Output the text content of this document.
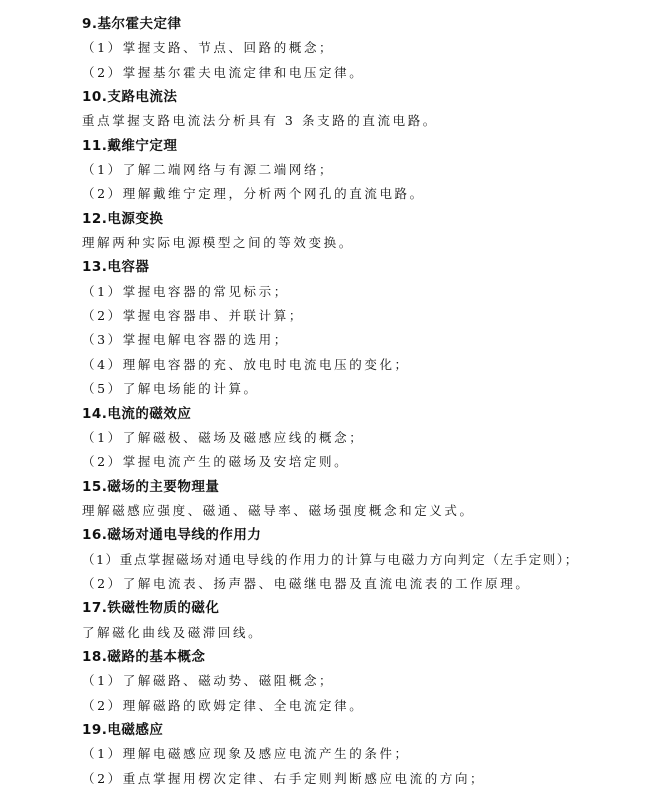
9.基尔霍夫定律
（1）掌握支路、节点、回路的概念；
（2）掌握基尔霍夫电流定律和电压定律。
10.支路电流法
重点掌握支路电流法分析具有 3 条支路的直流电路。
11.戴维宁定理
（1）了解二端网络与有源二端网络；
（2）理解戴维宁定理，分析两个网孔的直流电路。
12.电源变换
理解两种实际电源模型之间的等效变换。
13.电容器
（1）掌握电容器的常见标示；
（2）掌握电容器串、并联计算；
（3）掌握电解电容器的选用；
（4）理解电容器的充、放电时电流电压的变化；
（5）了解电场能的计算。
14.电流的磁效应
（1）了解磁极、磁场及磁感应线的概念；
（2）掌握电流产生的磁场及安培定则。
15.磁场的主要物理量
理解磁感应强度、磁通、磁导率、磁场强度概念和定义式。
16.磁场对通电导线的作用力
（1）重点掌握磁场对通电导线的作用力的计算与电磁力方向判定（左手定则）；
（2）了解电流表、扬声器、电磁继电器及直流电流表的工作原理。
17.铁磁性物质的磁化
了解磁化曲线及磁滞回线。
18.磁路的基本概念
（1）了解磁路、磁动势、磁阻概念；
（2）理解磁路的欧姆定律、全电流定律。
19.电磁感应
（1）理解电磁感应现象及感应电流产生的条件；
（2）重点掌握用楞次定律、右手定则判断感应电流的方向；
